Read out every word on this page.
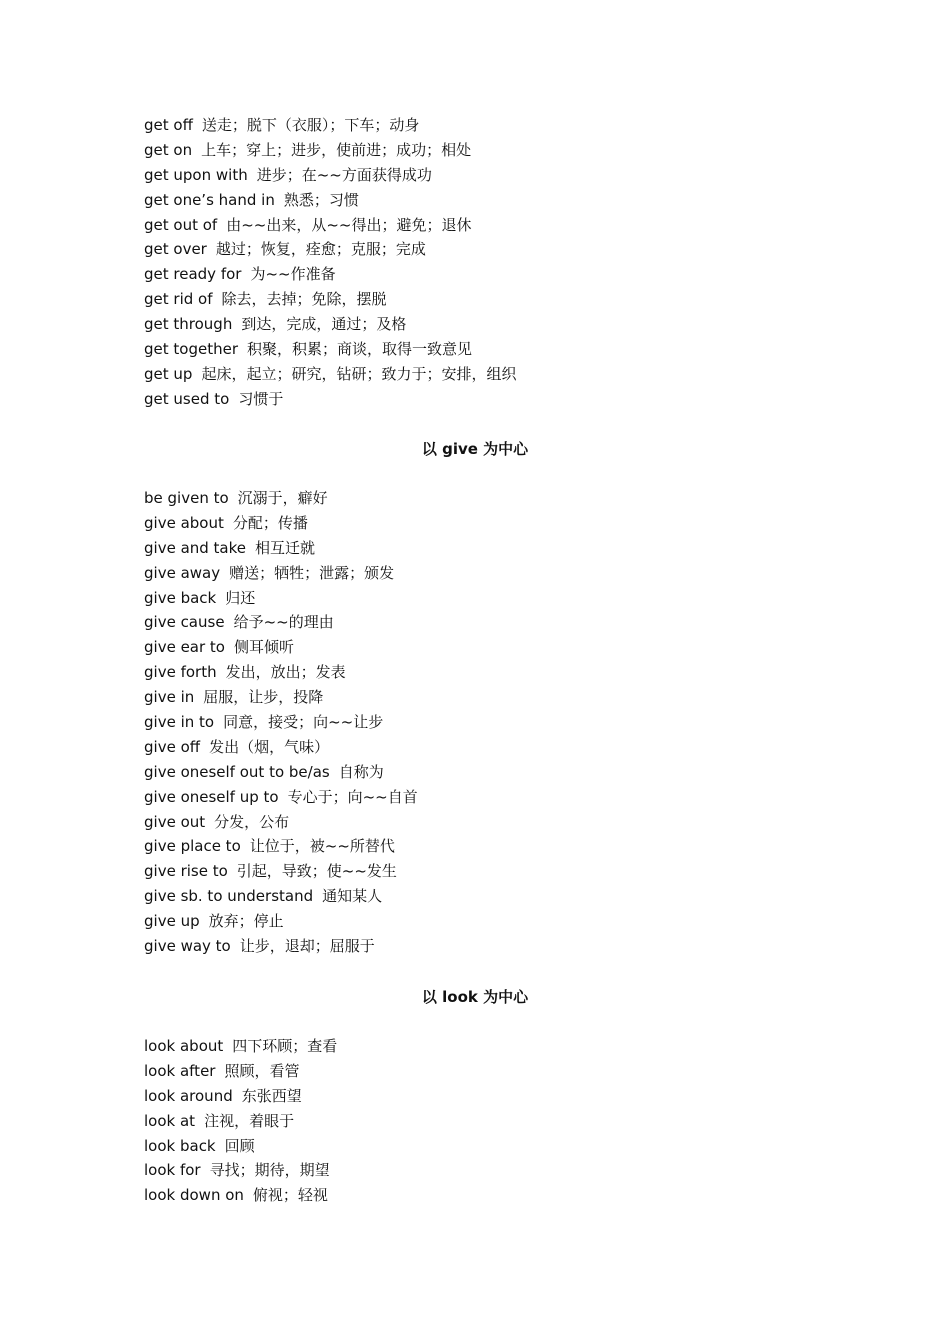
get off 送走；脱下（衣服）；下车；动身
get on 上车；穿上；进步，使前进；成功；相处
get upon with 进步；在~~方面获得成功
get one’s hand in 熟悉；习惯
get out of 由~~出来，从~~得出；避免；退休
get over 越过；恢复，痊愈；克服；完成
get ready for 为~~作准备
get rid of 除去，去掉；免除，摆脱
get through 到达，完成，通过；及格
get together 积聚，积累；商谈，取得一致意见
get up 起床，起立；研究，钻研；致力于；安排，组织
get used to 习惯于
以 give 为中心
be given to 沉溺于，癖好
give about 分配；传播
give and take 相互迁就
give away 赠送；牺牲；泄露；颁发
give back 归还
give cause 给予~~的理由
give ear to 侧耳倾听
give forth 发出，放出；发表
give in 屈服，让步，投降
give in to 同意，接受；向~~让步
give off 发出（烟，气味）
give oneself out to be/as 自称为
give oneself up to 专心于；向~~自首
give out 分发，公布
give place to 让位于，被~~所替代
give rise to 引起，导致；使~~发生
give sb. to understand 通知某人
give up 放弃；停止
give way to 让步，退却；屈服于
以 look 为中心
look about 四下环顾；查看
look after 照顾，看管
look around 东张西望
look at 注视，着眼于
look back 回顾
look for 寻找；期待，期望
look down on 俯视；轻视
